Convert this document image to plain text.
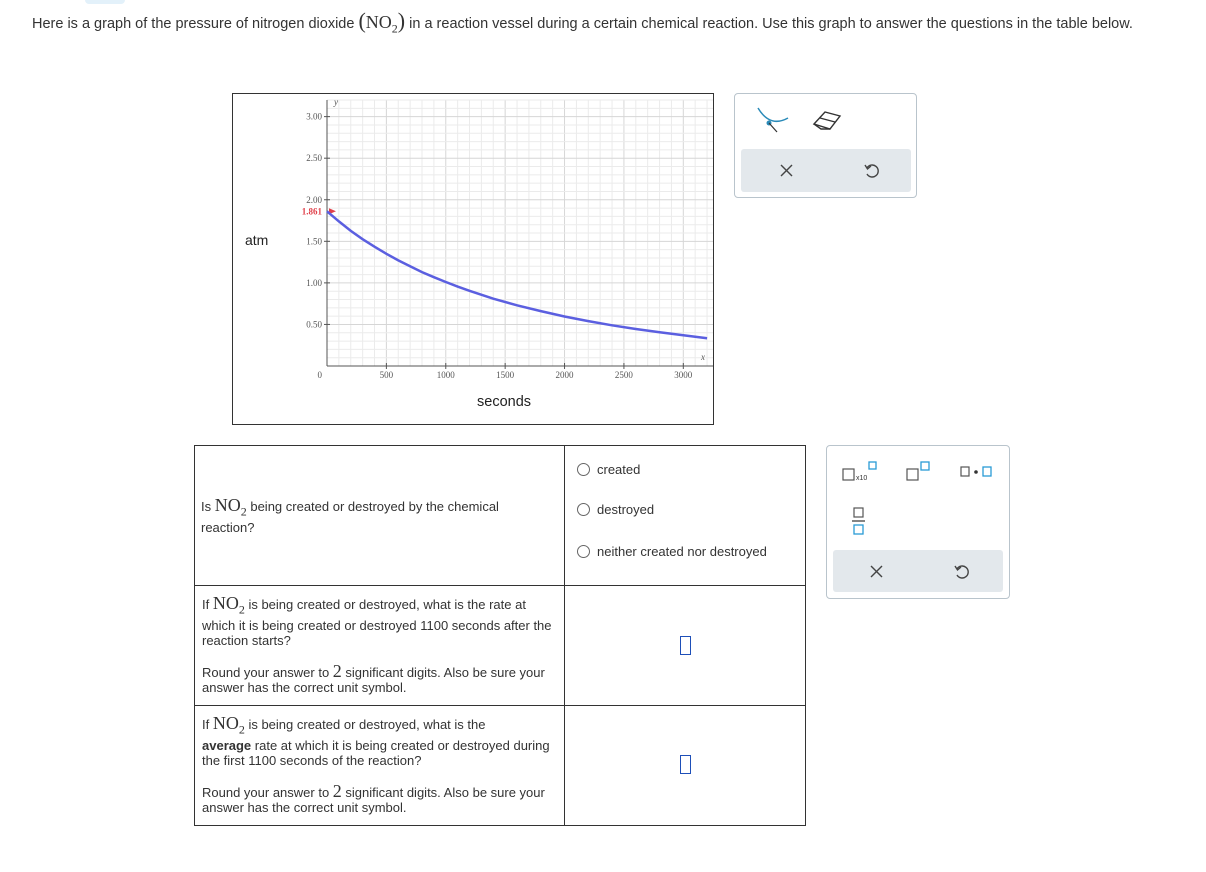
Here is a graph of the pressure of nitrogen dioxide $(NO_2)$ in a reaction vessel during a certain chemical reaction. Use this graph to answer the questions in the table below.
atm
seconds
0	500	1000	1500	2000	2500	3000
0.50
1.00
1.50
2.00
2.50
3.00
y
x
1.861
Is $NO_2$ being created or destroyed by the chemical reaction?	created
destroyed
neither created nor destroyed

If $NO_2$ is being created or destroyed, what is the rate at which it is being created or destroyed 1100 seconds after the reaction starts?
Round your answer to 2 significant digits. Also be sure your answer has the correct unit symbol.	

If $NO_2$ is being created or destroyed, what is the
average rate at which it is being created or destroyed during the first 1100 seconds of the reaction?
Round your answer to 2 significant digits. Also be sure your answer has the correct unit symbol.	

x10
